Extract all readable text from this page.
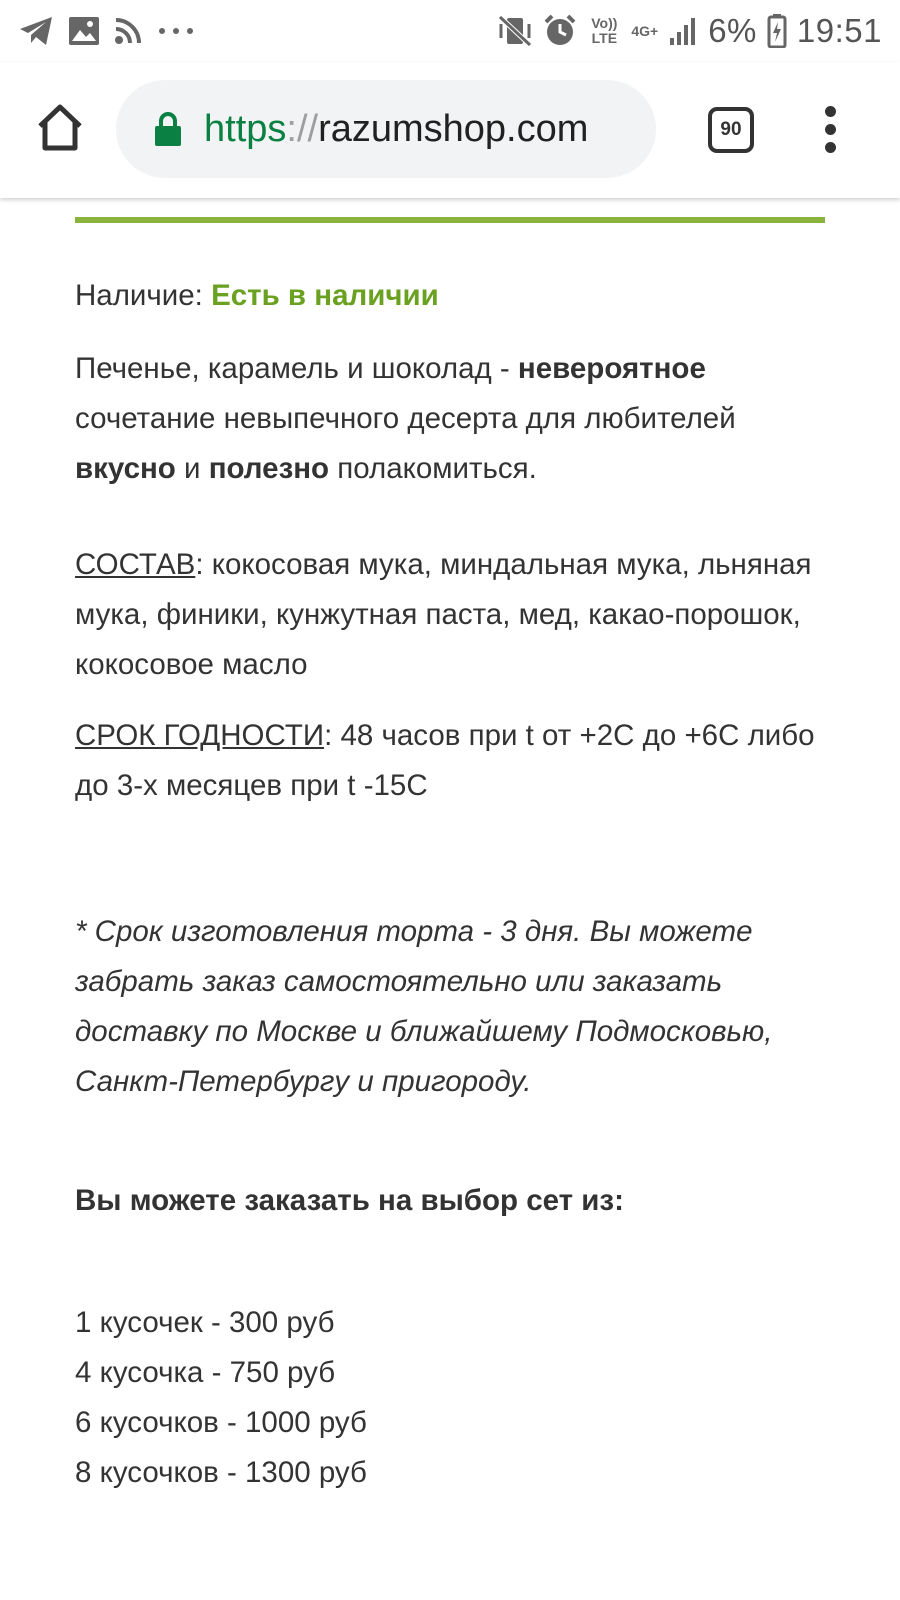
Vo)) LTE	4G+ 6% 19:51
https://razumshop.com	90
Наличие: Есть в наличии
Печенье, карамель и шоколад - невероятное сочетание невыпечного десерта для любителей вкусно и полезно полакомиться.
СОСТАВ: кокосовая мука, миндальная мука, льняная мука, финики, кунжутная паста, мед, какао-порошок, кокосовое масло
СРОК ГОДНОСТИ: 48 часов при t от +2С до +6С либо до 3-х месяцев при t -15С
* Срок изготовления торта - 3 дня. Вы можете забрать заказ самостоятельно или заказать доставку по Москве и ближайшему Подмосковью, Санкт-Петербургу и пригороду.
Вы можете заказать на выбор сет из:
1 кусочек - 300 руб
4 кусочка - 750 руб
6 кусочков - 1000 руб
8 кусочков - 1300 руб
